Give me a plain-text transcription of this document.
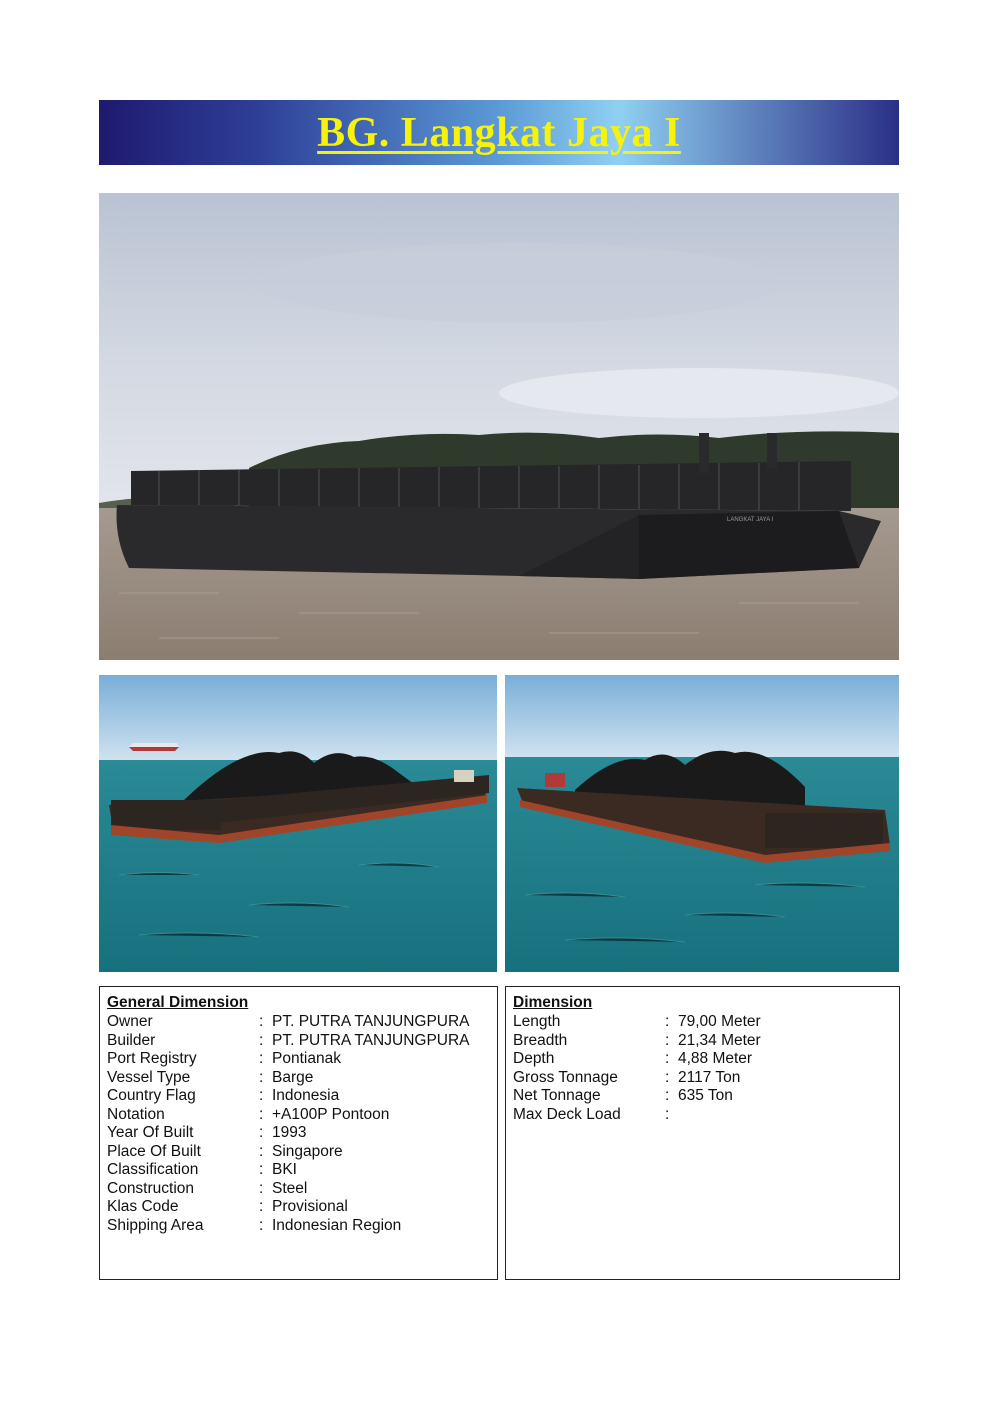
BG. Langkat Jaya I
LANGKAT JAYA I
General Dimension
Owner	: PT. PUTRA TANJUNGPURA
Builder	: PT. PUTRA TANJUNGPURA
Port Registry	: Pontianak
Vessel Type	: Barge
Country Flag	: Indonesia
Notation	: +A100P Pontoon
Year Of Built	: 1993
Place Of Built	: Singapore
Classification	: BKI
Construction	: Steel
Klas Code	: Provisional
Shipping Area	: Indonesian Region
Dimension
Length	: 79,00 Meter
Breadth	: 21,34 Meter
Depth	: 4,88 Meter
Gross Tonnage	: 2117 Ton
Net Tonnage	: 635 Ton
Max Deck Load	:
